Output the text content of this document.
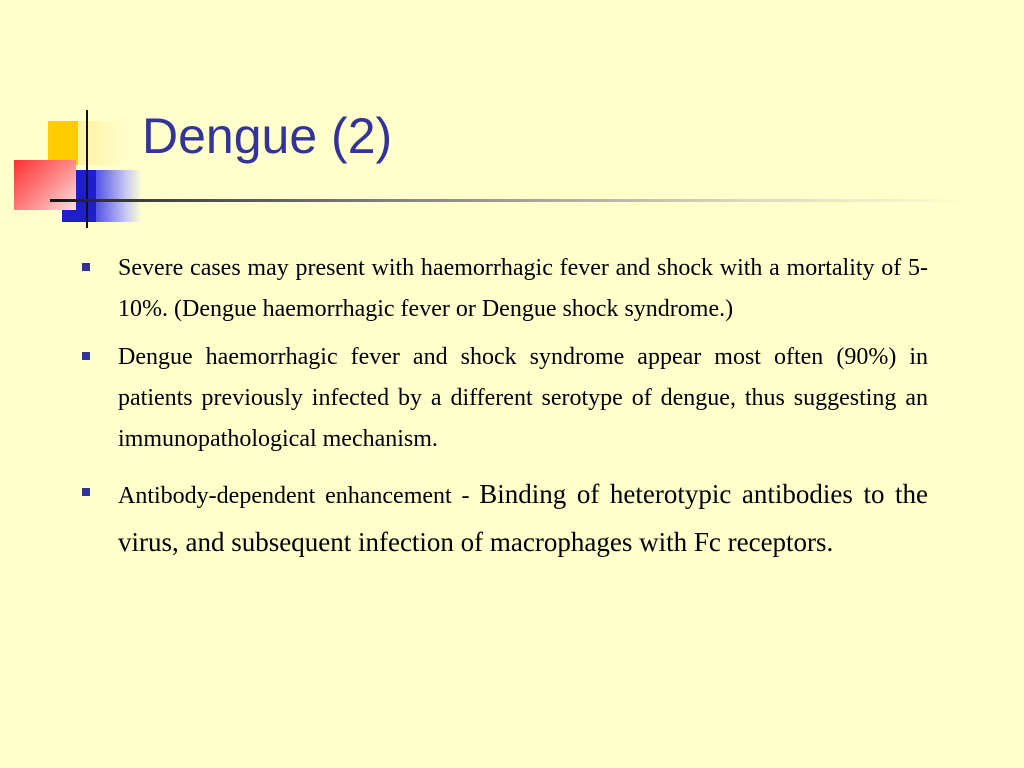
Dengue (2)
Severe cases may present with haemorrhagic fever and shock with a mortality of 5-10%. (Dengue haemorrhagic fever or Dengue shock syndrome.)
Dengue haemorrhagic fever and shock syndrome appear most often (90%) in patients previously infected by a different serotype of dengue, thus suggesting an immunopathological mechanism.
Antibody-dependent enhancement - Binding of heterotypic antibodies to the virus, and subsequent infection of macrophages with Fc receptors.
